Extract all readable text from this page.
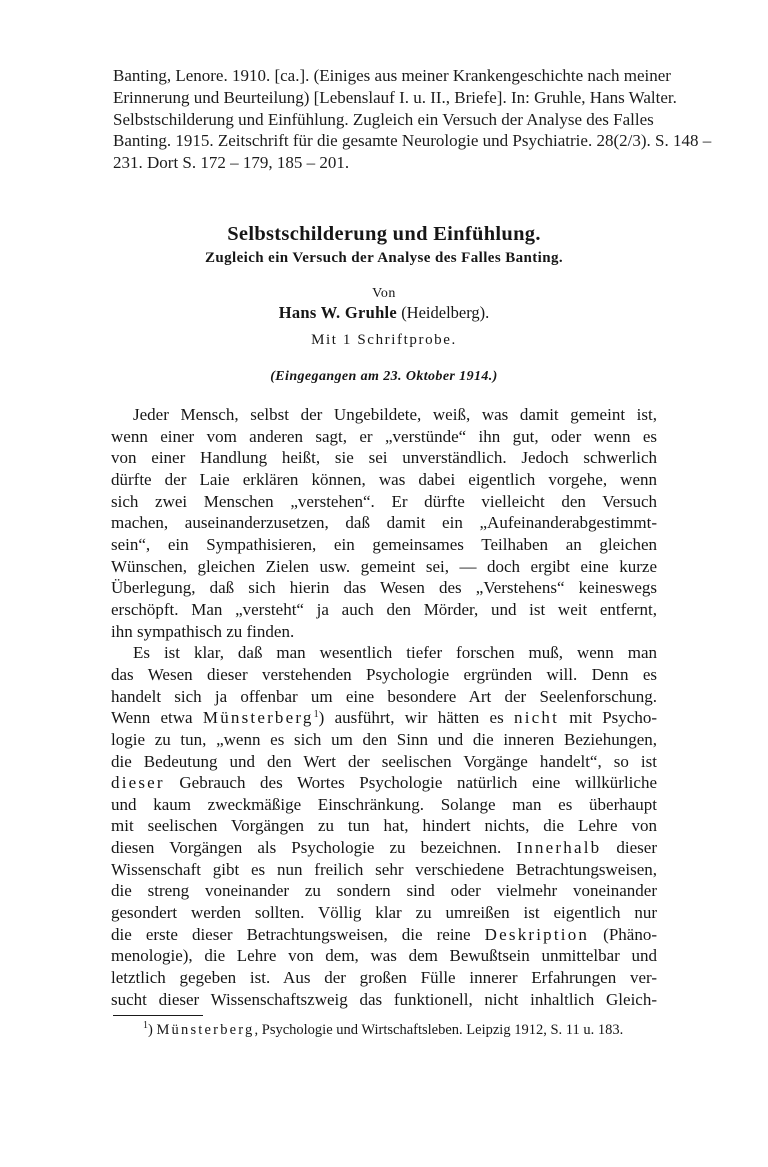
Banting, Lenore. 1910. [ca.]. (Einiges aus meiner Krankengeschichte nach meiner
Erinnerung und Beurteilung) [Lebenslauf I. u. II., Briefe]. In: Gruhle, Hans Walter.
Selbstschilderung und Einfühlung. Zugleich ein Versuch der Analyse des Falles
Banting. 1915. Zeitschrift für die gesamte Neurologie und Psychiatrie. 28(2/3). S. 148 –
231. Dort S. 172 – 179, 185 – 201.
Selbstschilderung und Einfühlung.
Zugleich ein Versuch der Analyse des Falles Banting.
Von
Hans W. Gruhle (Heidelberg).
Mit 1 Schriftprobe.
(Eingegangen am 23. Oktober 1914.)
Jeder Mensch, selbst der Ungebildete, weiß, was damit gemeint ist,
wenn einer vom anderen sagt, er „verstünde“ ihn gut, oder wenn es
von einer Handlung heißt, sie sei unverständlich. Jedoch schwerlich
dürfte der Laie erklären können, was dabei eigentlich vorgehe, wenn
sich zwei Menschen „verstehen“. Er dürfte vielleicht den Versuch
machen, auseinanderzusetzen, daß damit ein „Aufeinanderabgestimmt-
sein“, ein Sympathisieren, ein gemeinsames Teilhaben an gleichen
Wünschen, gleichen Zielen usw. gemeint sei, — doch ergibt eine kurze
Überlegung, daß sich hierin das Wesen des „Verstehens“ keineswegs
erschöpft. Man „versteht“ ja auch den Mörder, und ist weit entfernt,
ihn sympathisch zu finden.
Es ist klar, daß man wesentlich tiefer forschen muß, wenn man
das Wesen dieser verstehenden Psychologie ergründen will. Denn es
handelt sich ja offenbar um eine besondere Art der Seelenforschung.
Wenn etwa Münsterberg$^1$) ausführt, wir hätten es nicht mit Psycho-
logie zu tun, „wenn es sich um den Sinn und die inneren Beziehungen,
die Bedeutung und den Wert der seelischen Vorgänge handelt“, so ist
dieser Gebrauch des Wortes Psychologie natürlich eine willkürliche
und kaum zweckmäßige Einschränkung. Solange man es überhaupt
mit seelischen Vorgängen zu tun hat, hindert nichts, die Lehre von
diesen Vorgängen als Psychologie zu bezeichnen. Innerhalb dieser
Wissenschaft gibt es nun freilich sehr verschiedene Betrachtungsweisen,
die streng voneinander zu sondern sind oder vielmehr voneinander
gesondert werden sollten. Völlig klar zu umreißen ist eigentlich nur
die erste dieser Betrachtungsweisen, die reine Deskription (Phäno-
menologie), die Lehre von dem, was dem Bewußtsein unmittelbar und
letztlich gegeben ist. Aus der großen Fülle innerer Erfahrungen ver-
sucht dieser Wissenschaftszweig das funktionell, nicht inhaltlich Gleich-
$^1$) Münsterberg, Psychologie und Wirtschaftsleben. Leipzig 1912, S. 11 u. 183.
